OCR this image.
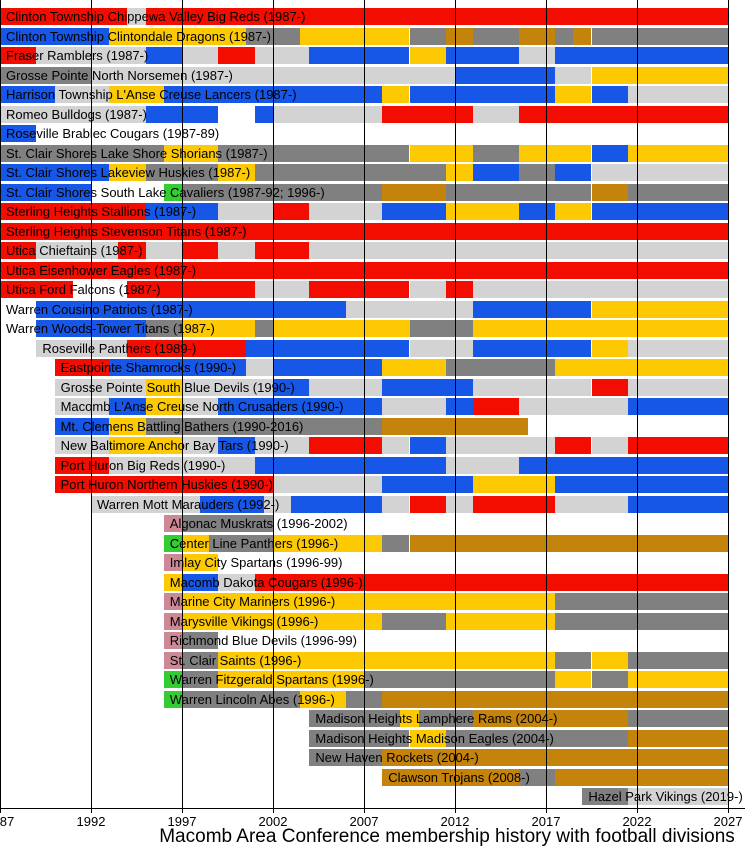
Clinton Township Chippewa Valley Big Reds (1987-)
Clinton Township Clintondale Dragons (1987-)
Fraser Ramblers (1987-)
Grosse Pointe North Norsemen (1987-)
Harrison Township L'Anse Creuse Lancers (1987-)
Romeo Bulldogs (1987-)
Roseville Brablec Cougars (1987-89)
St. Clair Shores Lake Shore Shorians (1987-)
St. Clair Shores Lakeview Huskies (1987-)
St. Clair Shores South Lake Cavaliers (1987-92; 1996-)
Sterling Heights Stallions (1987-)
Sterling Heights Stevenson Titans (1987-)
Utica Chieftains (1987-)
Utica Eisenhower Eagles (1987-)
Utica Ford Falcons (1987-)
Warren Cousino Patriots (1987-)
Warren Woods-Tower Titans (1987-)
Roseville Panthers (1989-)
Eastpointe Shamrocks (1990-)
Grosse Pointe South Blue Devils (1990-)
Macomb L'Anse Creuse North Crusaders (1990-)
Mt. Clemens Battling Bathers (1990-2016)
New Baltimore Anchor Bay Tars (1990-)
Port Huron Big Reds (1990-)
Port Huron Northern Huskies (1990-)
Warren Mott Marauders (1992-)
Algonac Muskrats (1996-2002)
Center Line Panthers (1996-)
Imlay City Spartans (1996-99)
Macomb Dakota Cougars (1996-)
Marine City Mariners (1996-)
Marysville Vikings (1996-)
Richmond Blue Devils (1996-99)
St. Clair Saints (1996-)
Warren Fitzgerald Spartans (1996-)
Warren Lincoln Abes (1996-)
Madison Heights Lamphere Rams (2004-)
Madison Heights Madison Eagles (2004-)
New Haven Rockets (2004-)
Clawson Trojans (2008-)
Hazel Park Vikings (2019-)
87	1992	1997	2002	2007	2012	2017	2022	2027
Macomb Area Conference membership history with football divisions
